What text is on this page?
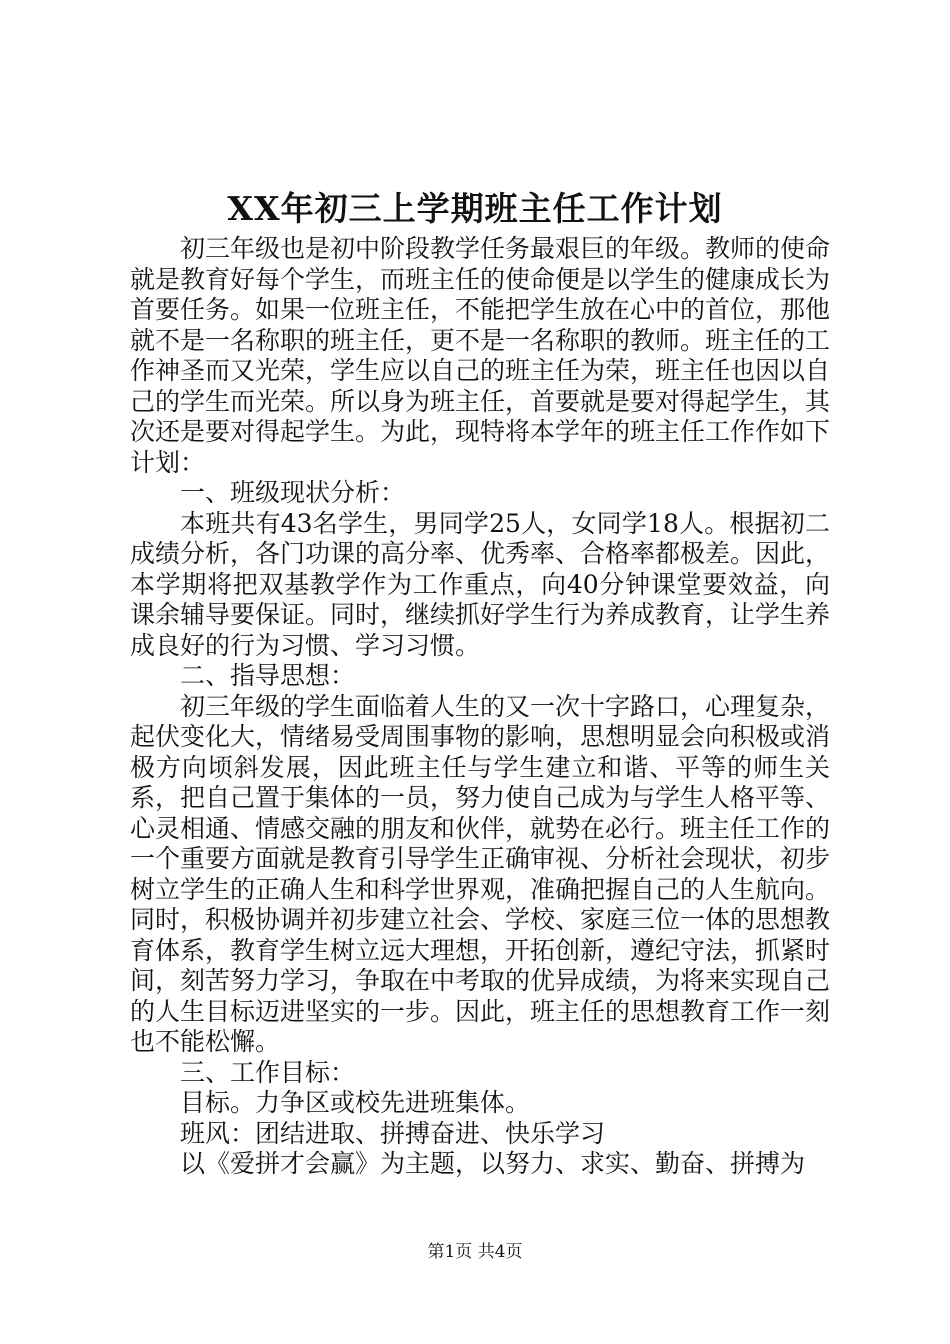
XX年初三上学期班主任工作计划

初三年级也是初中阶段教学任务最艰巨的年级。教师的使命就是教育好每个学生，而班主任的使命便是以学生的健康成长为首要任务。如果一位班主任，不能把学生放在心中的首位，那他就不是一名称职的班主任，更不是一名称职的教师。班主任的工作神圣而又光荣，学生应以自己的班主任为荣，班主任也因以自己的学生而光荣。所以身为班主任，首要就是要对得起学生，其次还是要对得起学生。为此，现特将本学年的班主任工作作如下计划：

一、班级现状分析：

本班共有43名学生，男同学25人，女同学18人。根据初二成绩分析，各门功课的高分率、优秀率、合格率都极差。因此，本学期将把双基教学作为工作重点，向40分钟课堂要效益，向课余辅导要保证。同时，继续抓好学生行为养成教育，让学生养成良好的行为习惯、学习习惯。

二、指导思想：

初三年级的学生面临着人生的又一次十字路口，心理复杂，起伏变化大，情绪易受周围事物的影响，思想明显会向积极或消极方向顷斜发展，因此班主任与学生建立和谐、平等的师生关系，把自己置于集体的一员，努力使自己成为与学生人格平等、心灵相通、情感交融的朋友和伙伴，就势在必行。班主任工作的一个重要方面就是教育引导学生正确审视、分析社会现状，初步树立学生的正确人生和科学世界观，准确把握自己的人生航向。同时，积极协调并初步建立社会、学校、家庭三位一体的思想教育体系，教育学生树立远大理想，开拓创新，遵纪守法，抓紧时间，刻苦努力学习，争取在中考取的优异成绩，为将来实现自己的人生目标迈进坚实的一步。因此，班主任的思想教育工作一刻也不能松懈。

三、工作目标：

目标。力争区或校先进班集体。

班风：团结进取、拼搏奋进、快乐学习

以《爱拼才会赢》为主题，以努力、求实、勤奋、拼搏为

第1页 共4页
